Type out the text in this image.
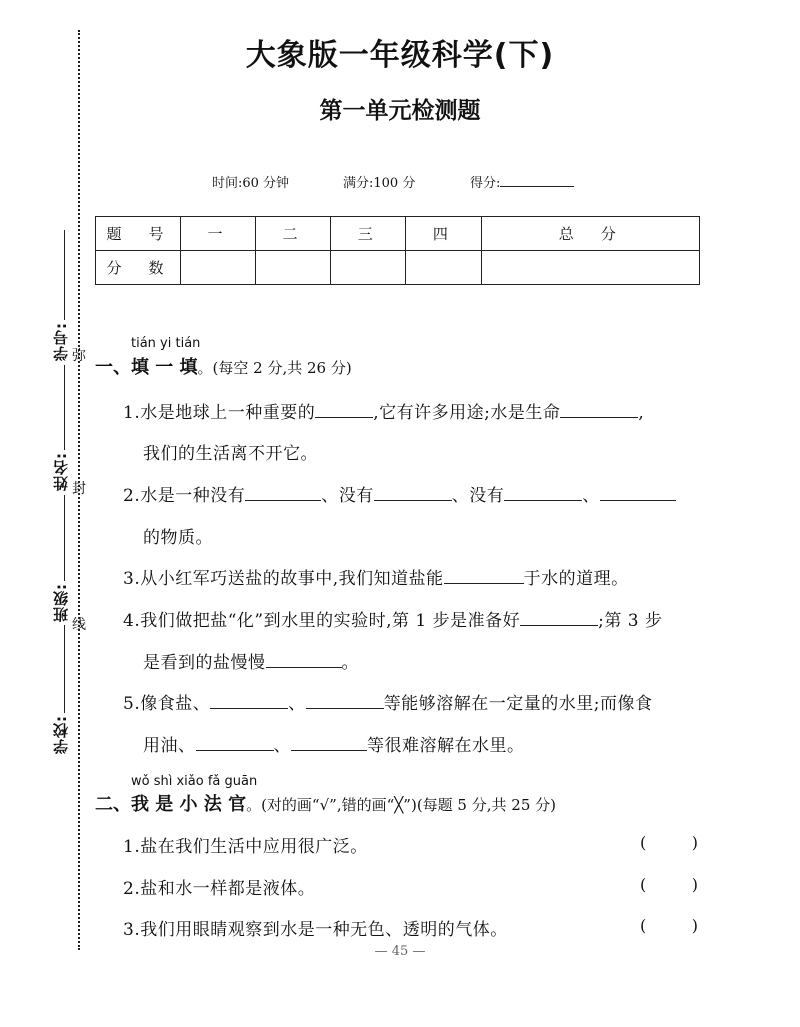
学号:
姓名:
班级:
学校:
弥
封
线
大象版一年级科学(下)
第一单元检测题
时间:60 分钟	满分:100 分	得分:
题　号	一	二	三	四	总　分
分　数					
tián yi tián
一、填 一 填。(每空 2 分,共 26 分)
1.水是地球上一种重要的	,它有许多用途;水是生命	,
我们的生活离不开它。
2.水是一种没有	、没有	、没有	、
的物质。
3.从小红军巧送盐的故事中,我们知道盐能	于水的道理。
4.我们做把盐“化”到水里的实验时,第 1 步是准备好	;第 3 步
是看到的盐慢慢	。
5.像食盐、	、	等能够溶解在一定量的水里;而像食
用油、	、	等很难溶解在水里。
wǒ shì xiǎo fǎ guān
二、我 是 小 法 官。(对的画“√”,错的画“╳”)(每题 5 分,共 25 分)
1.盐在我们生活中应用很广泛。	(	)
2.盐和水一样都是液体。	(	)
3.我们用眼睛观察到水是一种无色、透明的气体。	(	)
— 45 —
